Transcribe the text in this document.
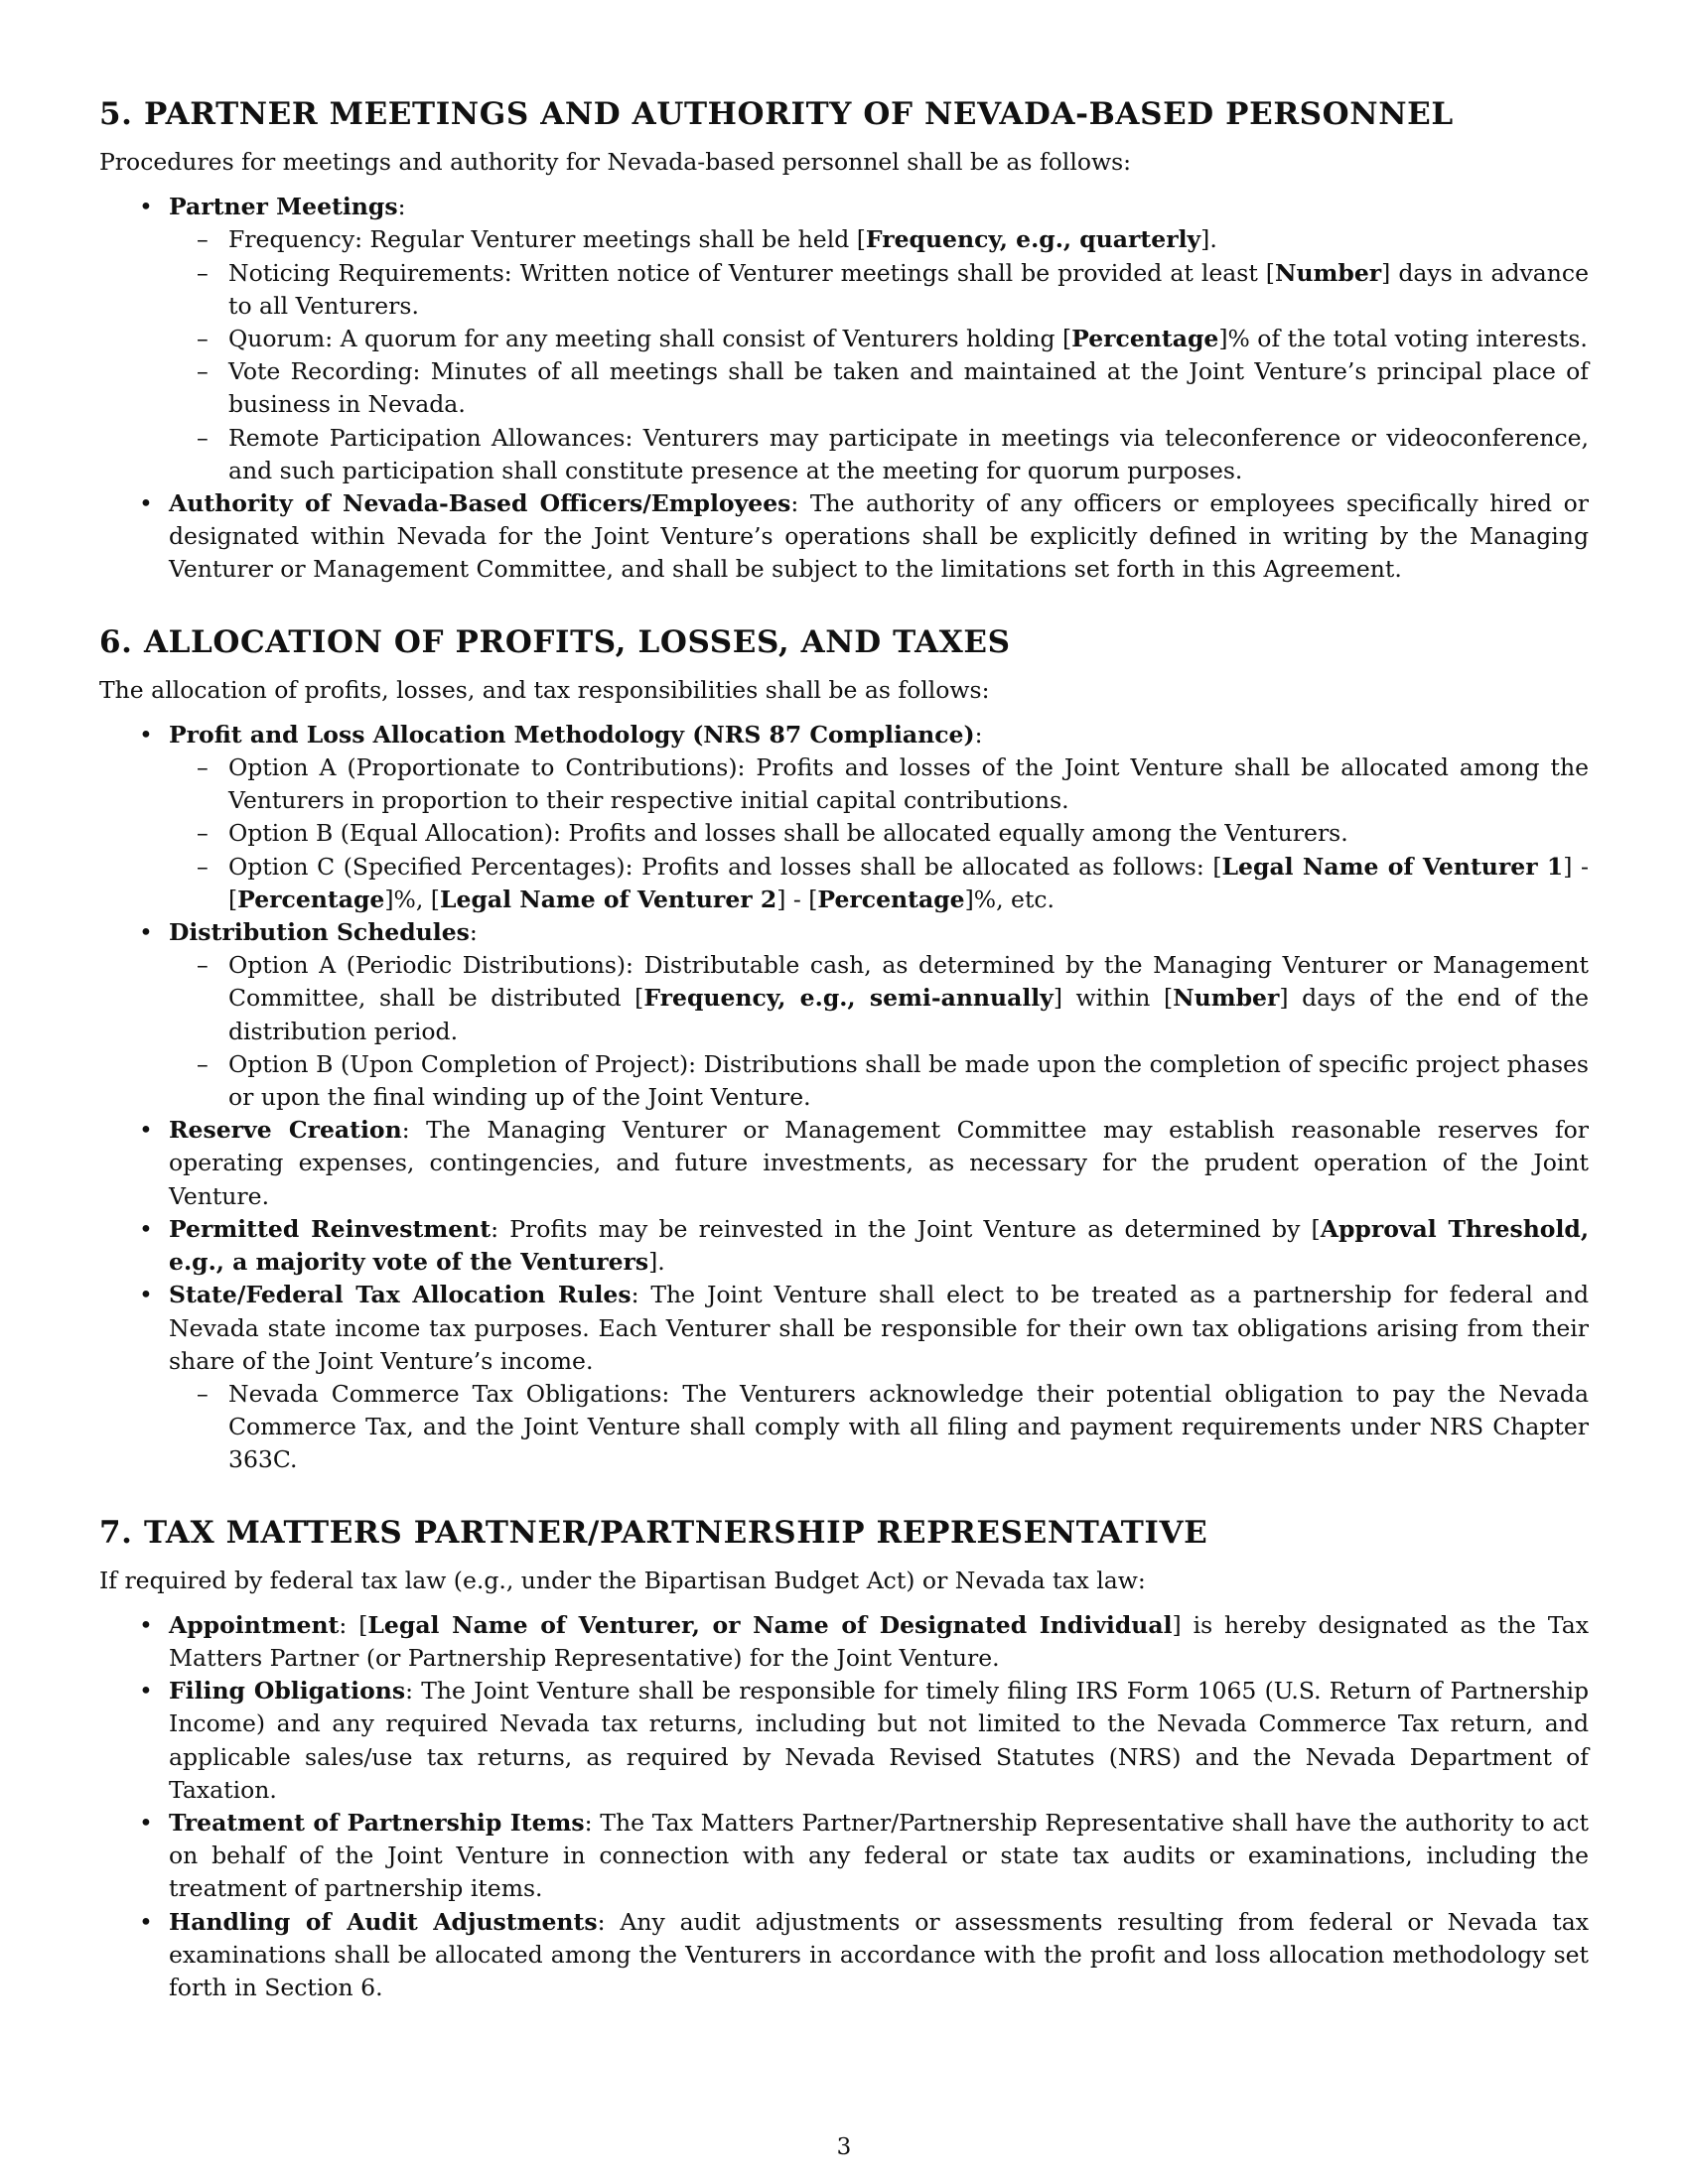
5. PARTNER MEETINGS AND AUTHORITY OF NEVADA-BASED PERSONNEL

Procedures for meetings and authority for Nevada-based personnel shall be as follows:

• Partner Meetings:
– Frequency: Regular Venturer meetings shall be held [Frequency, e.g., quarterly].
– Noticing Requirements: Written notice of Venturer meetings shall be provided at least [Number] days in advance to all Venturers.
– Quorum: A quorum for any meeting shall consist of Venturers holding [Percentage]% of the total voting interests.
– Vote Recording: Minutes of all meetings shall be taken and maintained at the Joint Venture’s principal place of business in Nevada.
– Remote Participation Allowances: Venturers may participate in meetings via teleconference or videoconference, and such participation shall constitute presence at the meeting for quorum purposes.
• Authority of Nevada-Based Officers/Employees: The authority of any officers or employees specifically hired or designated within Nevada for the Joint Venture’s operations shall be explicitly defined in writing by the Managing Venturer or Management Committee, and shall be subject to the limitations set forth in this Agreement.
6. ALLOCATION OF PROFITS, LOSSES, AND TAXES

The allocation of profits, losses, and tax responsibilities shall be as follows:

• Profit and Loss Allocation Methodology (NRS 87 Compliance):
– Option A (Proportionate to Contributions): Profits and losses of the Joint Venture shall be allocated among the Venturers in proportion to their respective initial capital contributions.
– Option B (Equal Allocation): Profits and losses shall be allocated equally among the Venturers.
– Option C (Specified Percentages): Profits and losses shall be allocated as follows: [Legal Name of Venturer 1] - [Percentage]%, [Legal Name of Venturer 2] - [Percentage]%, etc.
• Distribution Schedules:
– Option A (Periodic Distributions): Distributable cash, as determined by the Managing Venturer or Management Committee, shall be distributed [Frequency, e.g., semi-annually] within [Number] days of the end of the distribution period.
– Option B (Upon Completion of Project): Distributions shall be made upon the completion of specific project phases or upon the final winding up of the Joint Venture.
• Reserve Creation: The Managing Venturer or Management Committee may establish reasonable reserves for operating expenses, contingencies, and future investments, as necessary for the prudent operation of the Joint Venture.
• Permitted Reinvestment: Profits may be reinvested in the Joint Venture as determined by [Approval Threshold, e.g., a majority vote of the Venturers].
• State/Federal Tax Allocation Rules: The Joint Venture shall elect to be treated as a partnership for federal and Nevada state income tax purposes. Each Venturer shall be responsible for their own tax obligations arising from their share of the Joint Venture’s income.
– Nevada Commerce Tax Obligations: The Venturers acknowledge their potential obligation to pay the Nevada Commerce Tax, and the Joint Venture shall comply with all filing and payment requirements under NRS Chapter 363C.
7. TAX MATTERS PARTNER/PARTNERSHIP REPRESENTATIVE

If required by federal tax law (e.g., under the Bipartisan Budget Act) or Nevada tax law:

• Appointment: [Legal Name of Venturer, or Name of Designated Individual] is hereby designated as the Tax Matters Partner (or Partnership Representative) for the Joint Venture.
• Filing Obligations: The Joint Venture shall be responsible for timely filing IRS Form 1065 (U.S. Return of Partnership Income) and any required Nevada tax returns, including but not limited to the Nevada Commerce Tax return, and applicable sales/use tax returns, as required by Nevada Revised Statutes (NRS) and the Nevada Department of Taxation.
• Treatment of Partnership Items: The Tax Matters Partner/Partnership Representative shall have the authority to act on behalf of the Joint Venture in connection with any federal or state tax audits or examinations, including the treatment of partnership items.
• Handling of Audit Adjustments: Any audit adjustments or assessments resulting from federal or Nevada tax examinations shall be allocated among the Venturers in accordance with the profit and loss allocation methodology set forth in Section 6.
3
